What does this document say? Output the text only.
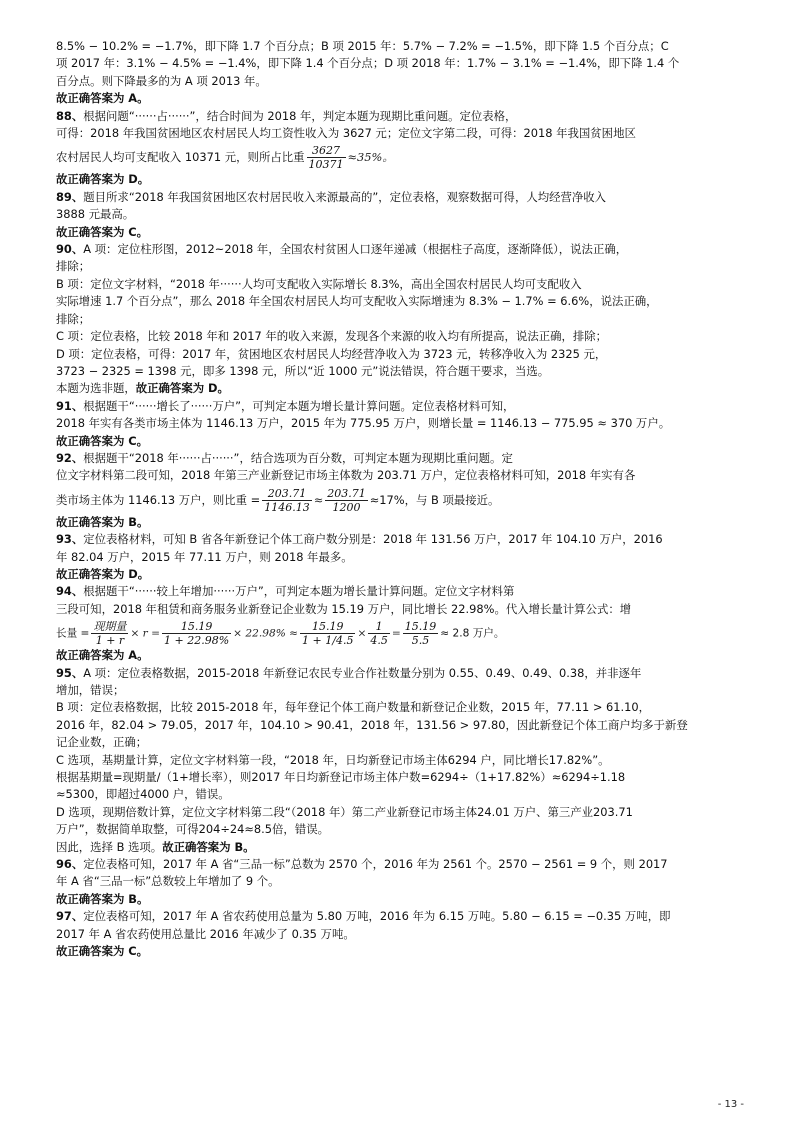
8.5% − 10.2% = −1.7%，即下降 1.7 个百分点；B 项 2015 年：5.7% − 7.2% = −1.5%，即下降 1.5 个百分点；C

项 2017 年：3.1% − 4.5% = −1.4%，即下降 1.4 个百分点；D 项 2018 年：1.7% − 3.1% = −1.4%，即下降 1.4 个

百分点。则下降最多的为 A 项 2013 年。

故正确答案为 A。

88、根据问题“······占······”，结合时间为 2018 年，判定本题为现期比重问题。定位表格，

可得：2018 年我国贫困地区农村居民人均工资性收入为 3627 元；定位文字第二段，可得：2018 年我国贫困地区

农村居民人均可支配收入 10371 元，则所占比重 $\frac{3627}{10371} \approx 35\%$。

故正确答案为 D。

89、题目所求“2018 年我国贫困地区农村居民收入来源最高的”，定位表格，观察数据可得，人均经营净收入

3888 元最高。

故正确答案为 C。

90、A 项：定位柱形图，2012~2018 年，全国农村贫困人口逐年递减（根据柱子高度，逐渐降低），说法正确，

排除；

B 项：定位文字材料，“2018 年······人均可支配收入实际增长 8.3%，高出全国农村居民人均可支配收入

实际增速 1.7 个百分点”，那么 2018 年全国农村居民人均可支配收入实际增速为 8.3% − 1.7% = 6.6%，说法正确，

排除；

C 项：定位表格，比较 2018 年和 2017 年的收入来源，发现各个来源的收入均有所提高，说法正确，排除；

D 项：定位表格，可得：2017 年，贫困地区农村居民人均经营净收入为 3723 元，转移净收入为 2325 元，

3723 − 2325 = 1398 元，即多 1398 元，所以“近 1000 元”说法错误，符合题干要求，当选。

本题为选非题，故正确答案为 D。

91、根据题干“······增长了······万户”，可判定本题为增长量计算问题。定位表格材料可知，

2018 年实有各类市场主体为 1146.13 万户，2015 年为 775.95 万户，则增长量 = 1146.13 − 775.95 ≈ 370 万户。

故正确答案为 C。

92、根据题干“2018 年······占······”，结合选项为百分数，可判定本题为现期比重问题。定

位文字材料第二段可知，2018 年第三产业新登记市场主体数为 203.71 万户，定位表格材料可知，2018 年实有各

类市场主体为 1146.13 万户，则比重 = $\frac{203.71}{1146.13} \approx \frac{203.71}{1200} \approx 17\%$，与 B 项最接近。

故正确答案为 B。

93、定位表格材料，可知 B 省各年新登记个体工商户数分别是：2018 年 131.56 万户，2017 年 104.10 万户，2016

年 82.04 万户，2015 年 77.11 万户，则 2018 年最多。

故正确答案为 D。

94、根据题干“······较上年增加······万户”，可判定本题为增长量计算问题。定位文字材料第

三段可知，2018 年租赁和商务服务业新登记企业数为 15.19 万户，同比增长 22.98%。代入增长量计算公式：增

长量 = $\frac{\text{现期量}}{1 + r} \times r = \frac{15.19}{1 + 22.98\%} \times 22.98\% \approx \frac{15.19}{1 + 1/4.5} \times \frac{1}{4.5} = \frac{15.19}{5.5} \approx 2.8$ 万户。

故正确答案为 A。

95、A 项：定位表格数据，2015-2018 年新登记农民专业合作社数量分别为 0.55、0.49、0.49、0.38，并非逐年

增加，错误；

B 项：定位表格数据，比较 2015-2018 年，每年登记个体工商户数量和新登记企业数，2015 年，77.11 > 61.10，

2016 年，82.04 > 79.05，2017 年，104.10 > 90.41，2018 年，131.56 > 97.80，因此新登记个体工商户均多于新登

记企业数，正确；

C 选项，基期量计算，定位文字材料第一段，“2018 年，日均新登记市场主体6294 户，同比增长17.82%”。

根据基期量=现期量/（1+增长率），则2017 年日均新登记市场主体户数=6294÷（1+17.82%）≈6294÷1.18

≈5300，即超过4000 户，错误。

D 选项，现期倍数计算，定位文字材料第二段“（2018 年）第二产业新登记市场主体24.01 万户、第三产业203.71

万户”，数据简单取整，可得204÷24≈8.5倍，错误。

因此，选择 B 选项。故正确答案为 B。

96、定位表格可知，2017 年 A 省“三品一标”总数为 2570 个，2016 年为 2561 个。2570 − 2561 = 9 个，则 2017

年 A 省“三品一标”总数较上年增加了 9 个。

故正确答案为 B。

97、定位表格可知，2017 年 A 省农药使用总量为 5.80 万吨，2016 年为 6.15 万吨。5.80 − 6.15 = −0.35 万吨，即

2017 年 A 省农药使用总量比 2016 年减少了 0.35 万吨。

故正确答案为 C。

- 13 -
